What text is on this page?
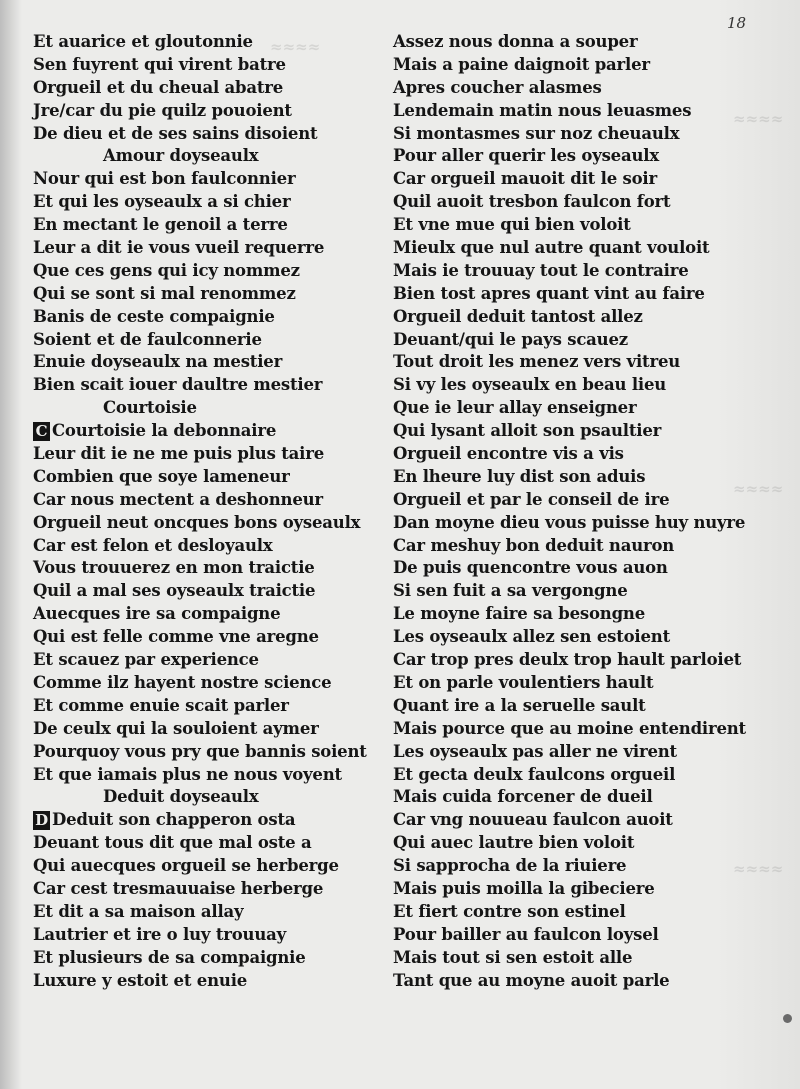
≈≈≈≈
≈≈≈≈
≈≈≈≈
≈≈≈≈
18
Et auarice et gloutonnie
Sen fuyrent qui virent batre
Orgueil et du cheual abatre
Jre/car du pie quilz pouoient
De dieu et de ses sains disoient
Amour doyseaulx
Nour qui est bon faulconnier
Et qui les oyseaulx a si chier
En mectant le genoil a terre
Leur a dit ie vous vueil requerre
Que ces gens qui icy nommez
Qui se sont si mal renommez
Banis de ceste compaignie
Soient et de faulconnerie
Enuie doyseaulx na mestier
Bien scait iouer daultre mestier
Courtoisie
C Courtoisie la debonnaire
Leur dit ie ne me puis plus taire
Combien que soye lameneur
Car nous mectent a deshonneur
Orgueil neut oncques bons oyseaulx
Car est felon et desloyaulx
Vous trouuerez en mon traictie
Quil a mal ses oyseaulx traictie
Auecques ire sa compaigne
Qui est felle comme vne aregne
Et scauez par experience
Comme ilz hayent nostre science
Et comme enuie scait parler
De ceulx qui la souloient aymer
Pourquoy vous pry que bannis soient
Et que iamais plus ne nous voyent
Deduit doyseaulx
D Deduit son chapperon osta
Deuant tous dit que mal oste a
Qui auecques orgueil se herberge
Car cest tresmauuaise herberge
Et dit a sa maison allay
Lautrier et ire o luy trouuay
Et plusieurs de sa compaignie
Luxure y estoit et enuie
Assez nous donna a souper
Mais a paine daignoit parler
Apres coucher alasmes
Lendemain matin nous leuasmes
Si montasmes sur noz cheuaulx
Pour aller querir les oyseaulx
Car orgueil mauoit dit le soir
Quil auoit tresbon faulcon fort
Et vne mue qui bien voloit
Mieulx que nul autre quant vouloit
Mais ie trouuay tout le contraire
Bien tost apres quant vint au faire
Orgueil deduit tantost allez
Deuant/qui le pays scauez
Tout droit les menez vers vitreu
Si vy les oyseaulx en beau lieu
Que ie leur allay enseigner
Qui lysant alloit son psaultier
Orgueil encontre vis a vis
En lheure luy dist son aduis
Orgueil et par le conseil de ire
Dan moyne dieu vous puisse huy nuyre
Car meshuy bon deduit nauron
De puis quencontre vous auon
Si sen fuit a sa vergongne
Le moyne faire sa besongne
Les oyseaulx allez sen estoient
Car trop pres deulx trop hault parloiet
Et on parle voulentiers hault
Quant ire a la seruelle sault
Mais pource que au moine entendirent
Les oyseaulx pas aller ne virent
Et gecta deulx faulcons orgueil
Mais cuida forcener de dueil
Car vng nouueau faulcon auoit
Qui auec lautre bien voloit
Si sapprocha de la riuiere
Mais puis moilla la gibeciere
Et fiert contre son estinel
Pour bailler au faulcon loysel
Mais tout si sen estoit alle
Tant que au moyne auoit parle
